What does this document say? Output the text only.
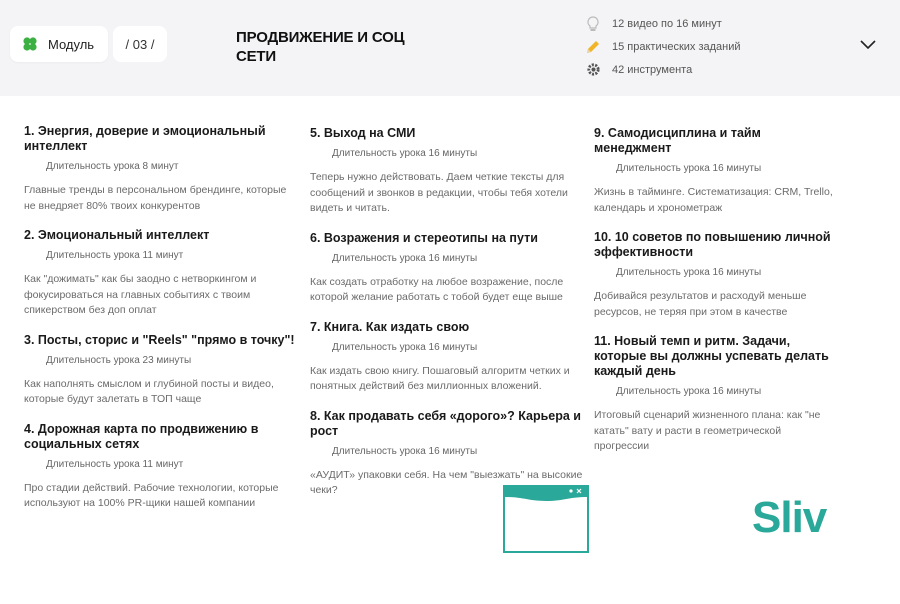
Модуль	/ 03 /	ПРОДВИЖЕНИЕ И СОЦ СЕТИ
12 видео по 16 минут
15 практических заданий
42 инструмента
1. Энергия, доверие и эмоциональный интеллект
Длительность урока 8 минут

Главные тренды в персональном брендинге, которые не внедряет 80% твоих конкурентов

2. Эмоциональный интеллект
Длительность урока 11 минут

Как "дожимать" как бы заодно с нетворкингом и фокусироваться на главных событиях с твоим спикерством без доп оплат

3. Посты, сторис и "Reels" "прямо в точку"!
Длительность урока 23 минуты

Как наполнять смыслом и глубиной посты и видео, которые будут залетать в ТОП чаще

4. Дорожная карта по продвижению в социальных сетях
Длительность урока 11 минут

Про стадии действий. Рабочие технологии, которые используют на 100% PR-щики нашей компании

5. Выход на СМИ
Длительность урока 16 минуты

Теперь нужно действовать. Даем четкие тексты для сообщений и звонков в редакции, чтобы тебя хотели видеть и читать.

6. Возражения и стереотипы на пути
Длительность урока 16 минуты

Как создать отработку на любое возражение, после которой желание работать с тобой будет еще выше

7. Книга. Как издать свою
Длительность урока 16 минуты

Как издать свою книгу. Пошаговый алгоритм четких и понятных действий без миллионных вложений.

8. Как продавать себя «дорого»? Карьера и рост
Длительность урока 16 минуты

«АУДИТ» упаковки себя. На чем "выезжать" на высокие чеки?

9. Самодисциплина и тайм менеджмент
Длительность урока 16 минуты

Жизнь в тайминге. Систематизация: CRM, Trello, календарь и хронометраж

10. 10 советов по повышению личной эффективности
Длительность урока 16 минуты

Добивайся результатов и расходуй меньше ресурсов, не теряя при этом в качестве

11. Новый темп и ритм. Задачи, которые вы должны успевать делать каждый день
Длительность урока 16 минуты

Итоговый сценарий жизненного плана: как "не катать" вату и расти в геометрической прогрессии

Sliv
